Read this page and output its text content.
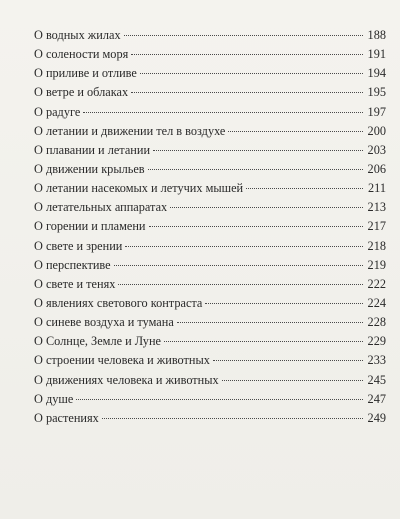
О водных жилах	188
О солености моря	191
О приливе и отливе	194
О ветре и облаках	195
О радуге	197
О летании и движении тел в воздухе	200
О плавании и летании	203
О движении крыльев	206
О летании насекомых и летучих мышей	211
О летательных аппаратах	213
О горении и пламени	217
О свете и зрении	218
О перспективе	219
О свете и тенях	222
О явлениях светового контраста	224
О синеве воздуха и тумана	228
О Солнце, Земле и Луне	229
О строении человека и животных	233
О движениях человека и животных	245
О душе	247
О растениях	249
